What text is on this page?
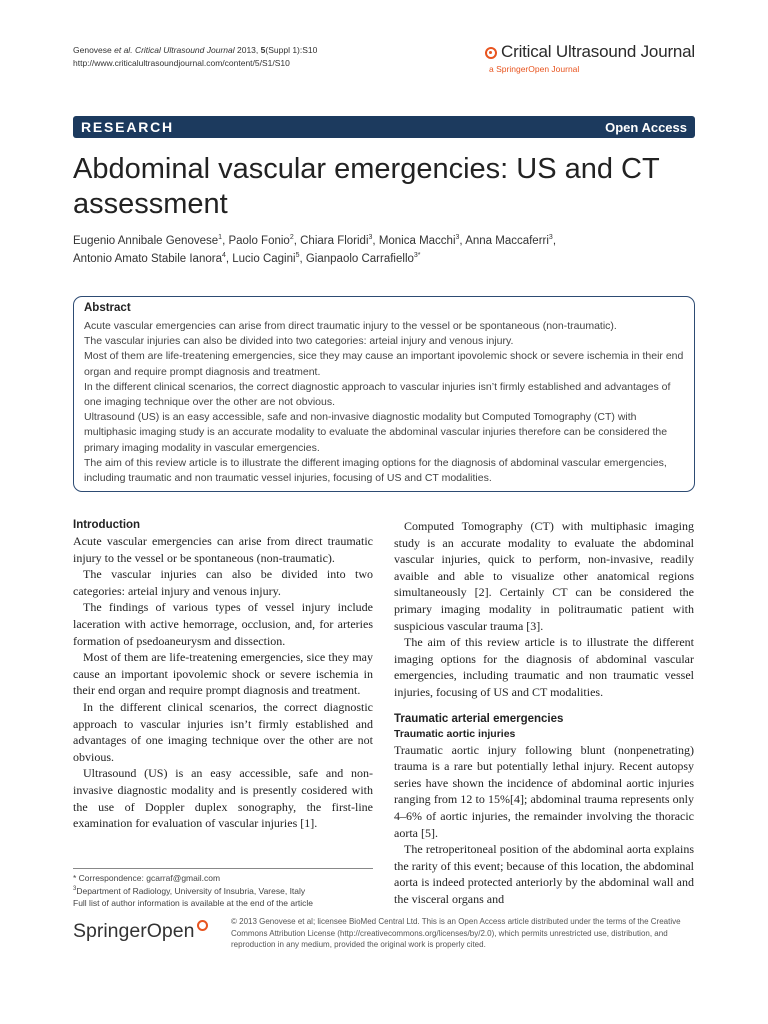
Genovese et al. Critical Ultrasound Journal 2013, 5(Suppl 1):S10
http://www.criticalultrasoundjournal.com/content/5/S1/S10
Critical Ultrasound Journal
a SpringerOpen Journal
RESEARCH	Open Access
Abdominal vascular emergencies: US and CT assessment
Eugenio Annibale Genovese$^1$, Paolo Fonio$^2$, Chiara Floridi$^3$, Monica Macchi$^3$, Anna Maccaferri$^3$,
Antonio Amato Stabile Ianora$^4$, Lucio Cagini$^5$, Gianpaolo Carrafiello$^{3*}$
Abstract

Acute vascular emergencies can arise from direct traumatic injury to the vessel or be spontaneous (non-traumatic).

The vascular injuries can also be divided into two categories: arteial injury and venous injury.

Most of them are life-treatening emergencies, sice they may cause an important ipovolemic shock or severe ischemia in their end organ and require prompt diagnosis and treatment.

In the different clinical scenarios, the correct diagnostic approach to vascular injuries isn’t firmly established and advantages of one imaging technique over the other are not obvious.

Ultrasound (US) is an easy accessible, safe and non-invasive diagnostic modality but Computed Tomography (CT) with multiphasic imaging study is an accurate modality to evaluate the abdominal vascular injuries therefore can be considered the primary imaging modality in vascular emergencies.

The aim of this review article is to illustrate the different imaging options for the diagnosis of abdominal vascular emergencies, including traumatic and non traumatic vessel injuries, focusing of US and CT modalities.

Introduction

Acute vascular emergencies can arise from direct traumatic injury to the vessel or be spontaneous (non-traumatic).

The vascular injuries can also be divided into two categories: arteial injury and venous injury.

The findings of various types of vessel injury include laceration with active hemorrage, occlusion, and, for arteries formation of psedoaneurysm and dissection.

Most of them are life-treatening emergencies, sice they may cause an important ipovolemic shock or severe ischemia in their end organ and require prompt diagnosis and treatment.

In the different clinical scenarios, the correct diagnostic approach to vascular injuries isn’t firmly established and advantages of one imaging technique over the other are not obvious.

Ultrasound (US) is an easy accessible, safe and non-invasive diagnostic modality and is presently cosidered with the use of Doppler duplex sonography, the first-line examination for evaluation of vascular injuries [1].

Computed Tomography (CT) with multiphasic imaging study is an accurate modality to evaluate the abdominal vascular injuries, quick to perform, non-invasive, readily avaible and able to visualize other anatomical regions simultaneously [2]. Certainly CT can be considered the primary imaging modality in politraumatic patient with suspicious vascular trauma [3].

The aim of this review article is to illustrate the different imaging options for the diagnosis of abdominal vascular emergencies, including traumatic and non traumatic vessel injuries, focusing of US and CT modalities.

Traumatic arterial emergencies
Traumatic aortic injuries

Traumatic aortic injury following blunt (nonpenetrating) trauma is a rare but potentially lethal injury. Recent autopsy series have shown the incidence of abdominal aortic injuries ranging from 12 to 15%[4]; abdominal trauma represents only 4–6% of aortic injuries, the remainder involving the thoracic aorta [5].

The retroperitoneal position of the abdominal aorta explains the rarity of this event; because of this location, the abdominal aorta is indeed protected anteriorly by the abdominal wall and the visceral organs and

* Correspondence: gcarraf@gmail.com
$^3$Department of Radiology, University of Insubria, Varese, Italy
Full list of author information is available at the end of the article
SpringerOpen	© 2013 Genovese et al; licensee BioMed Central Ltd. This is an Open Access article distributed under the terms of the Creative Commons Attribution License (http://creativecommons.org/licenses/by/2.0), which permits unrestricted use, distribution, and reproduction in any medium, provided the original work is properly cited.
